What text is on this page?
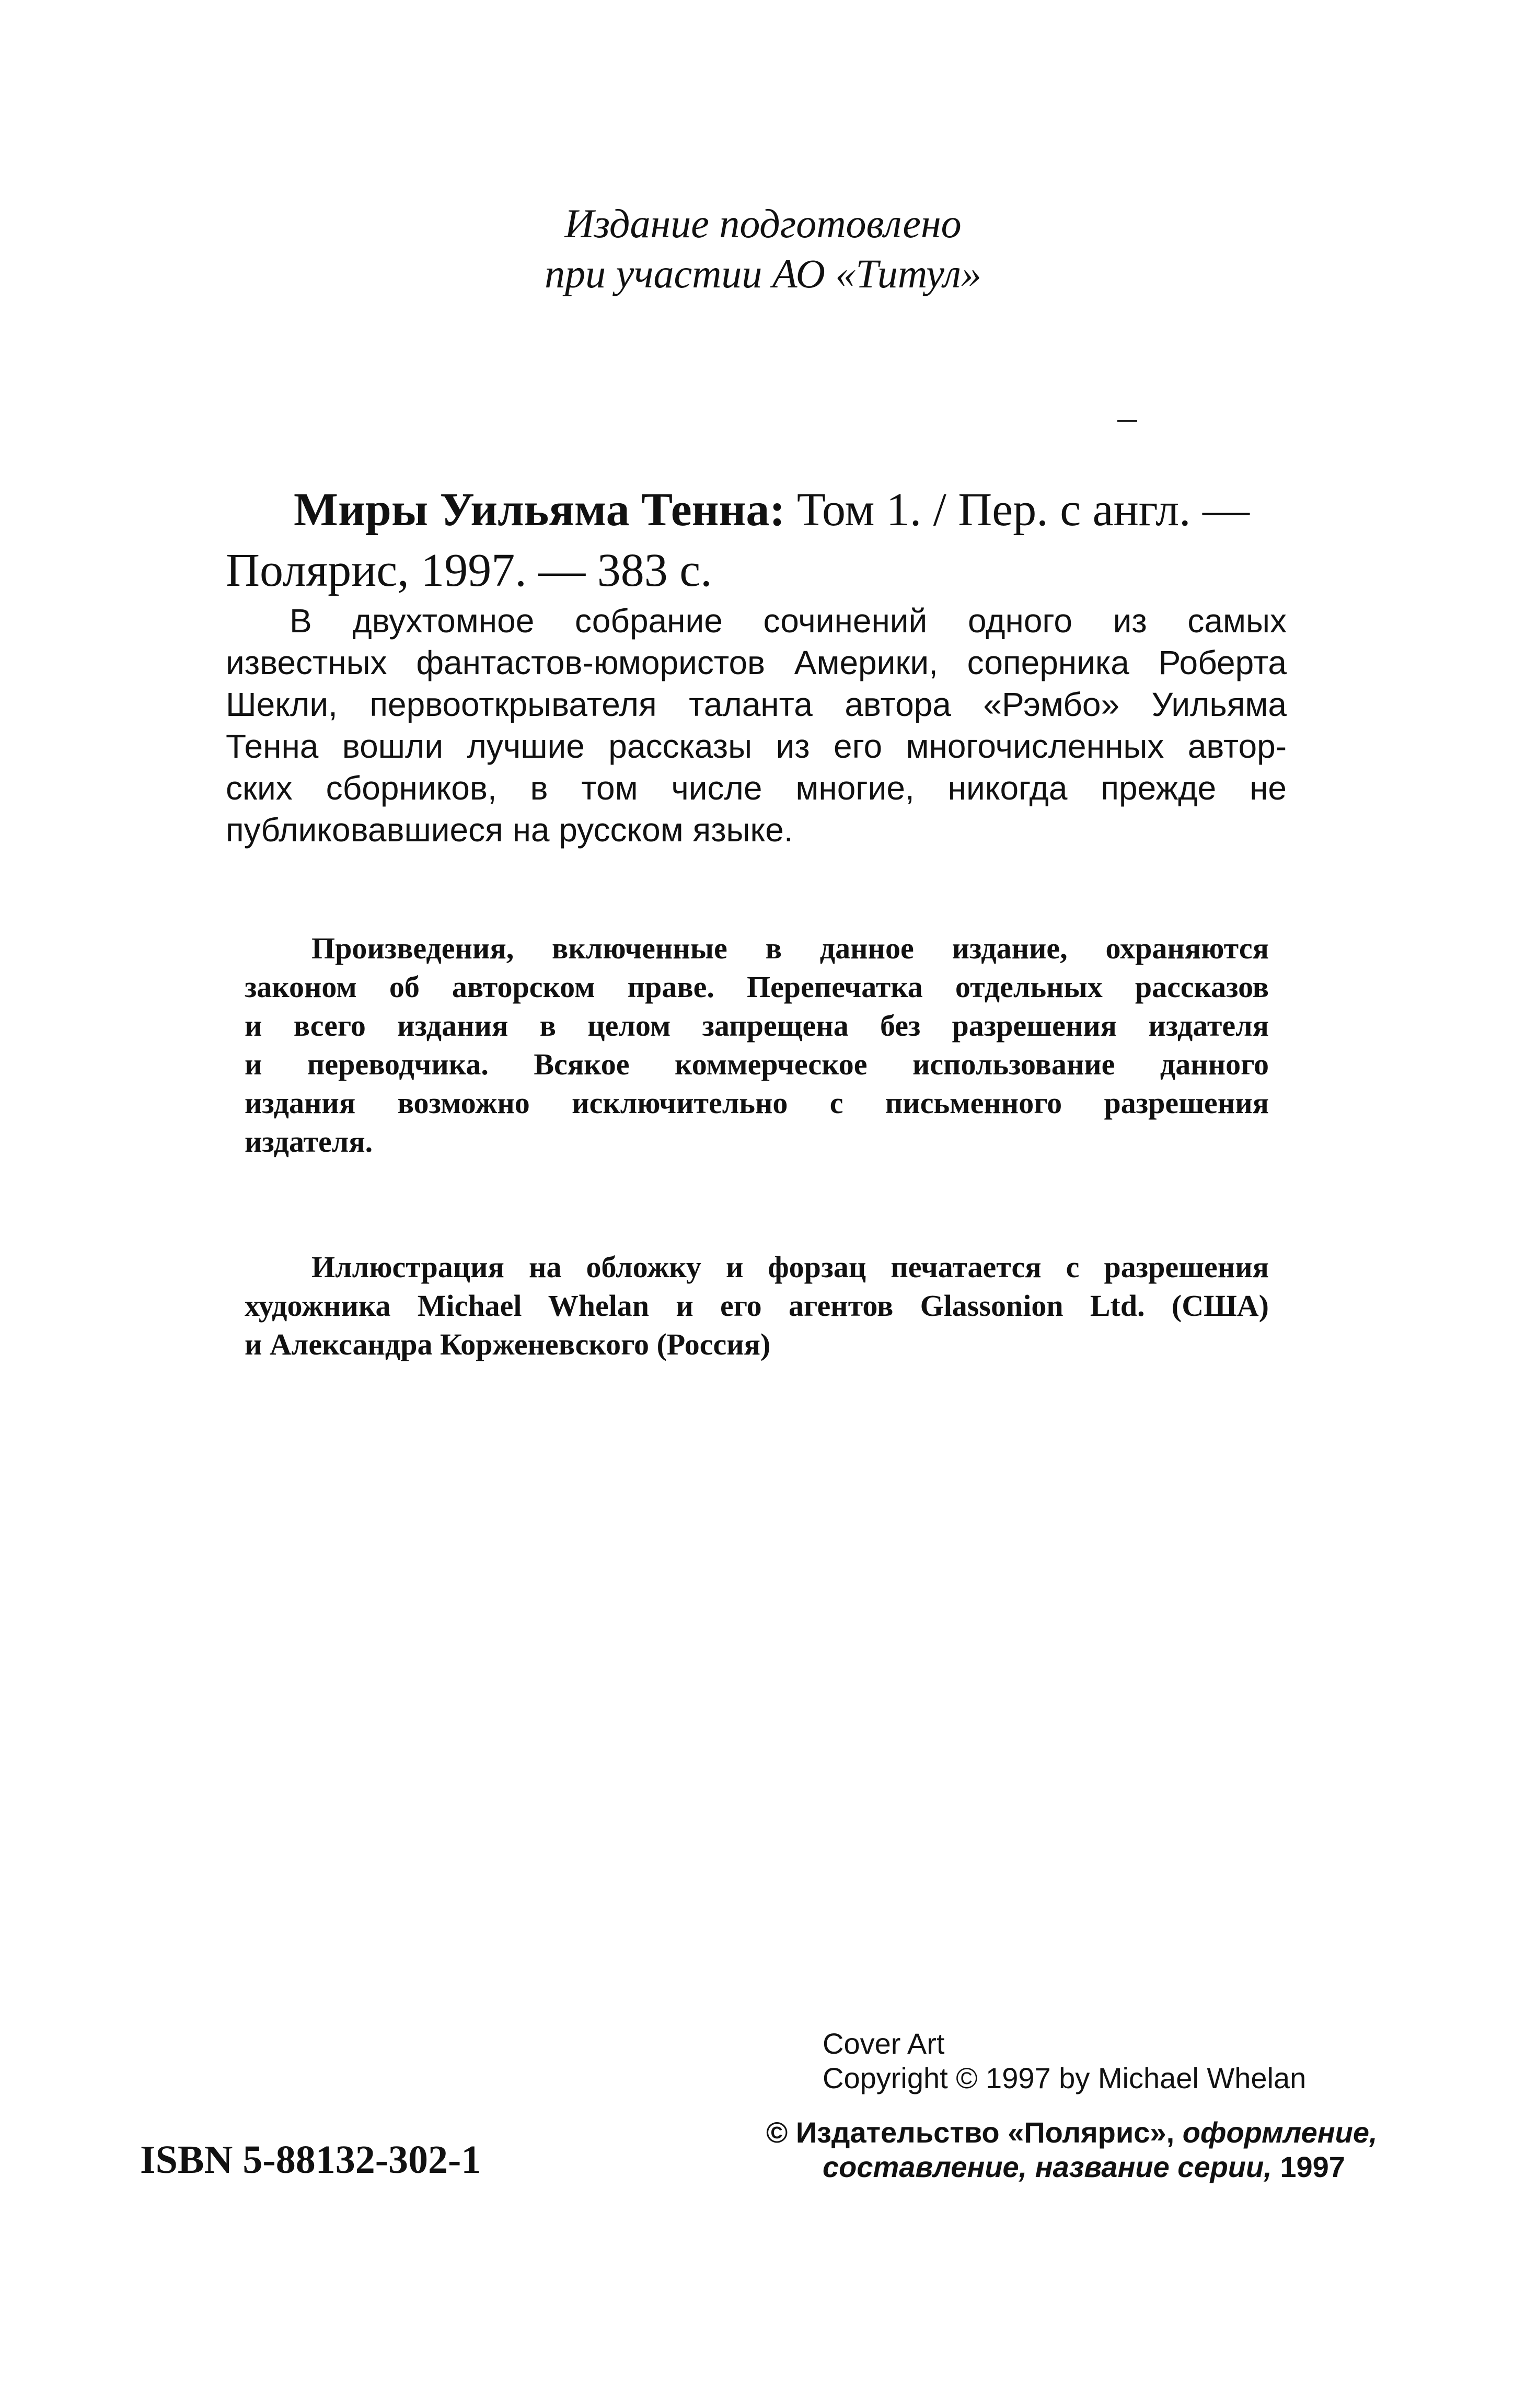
Издание подготовлено
при участии АО «Титул»
Миры Уильяма Тенна: Том 1. / Пер. с англ. —
Полярис, 1997. — 383 с.
В двухтомное собрание сочинений одного из самых
известных фантастов-юмористов Америки, соперника Роберта
Шекли, первооткрывателя таланта автора «Рэмбо» Уильяма
Тенна вошли лучшие рассказы из его многочисленных автор-
ских сборников, в том числе многие, никогда прежде не
публиковавшиеся на русском языке.
Произведения, включенные в данное издание, охраняются
законом об авторском праве. Перепечатка отдельных рассказов
и всего издания в целом запрещена без разрешения издателя
и переводчика. Всякое коммерческое использование данного
издания возможно исключительно с письменного разрешения
издателя.
Иллюстрация на обложку и форзац печатается с разрешения
художника Michael Whelan и его агентов Glassonion Ltd. (США)
и Александра Корженевского (Россия)
Cover Art
Copyright © 1997 by Michael Whelan
ISBN 5-88132-302-1
© Издательство «Полярис», оформление,
составление, название серии, 1997
